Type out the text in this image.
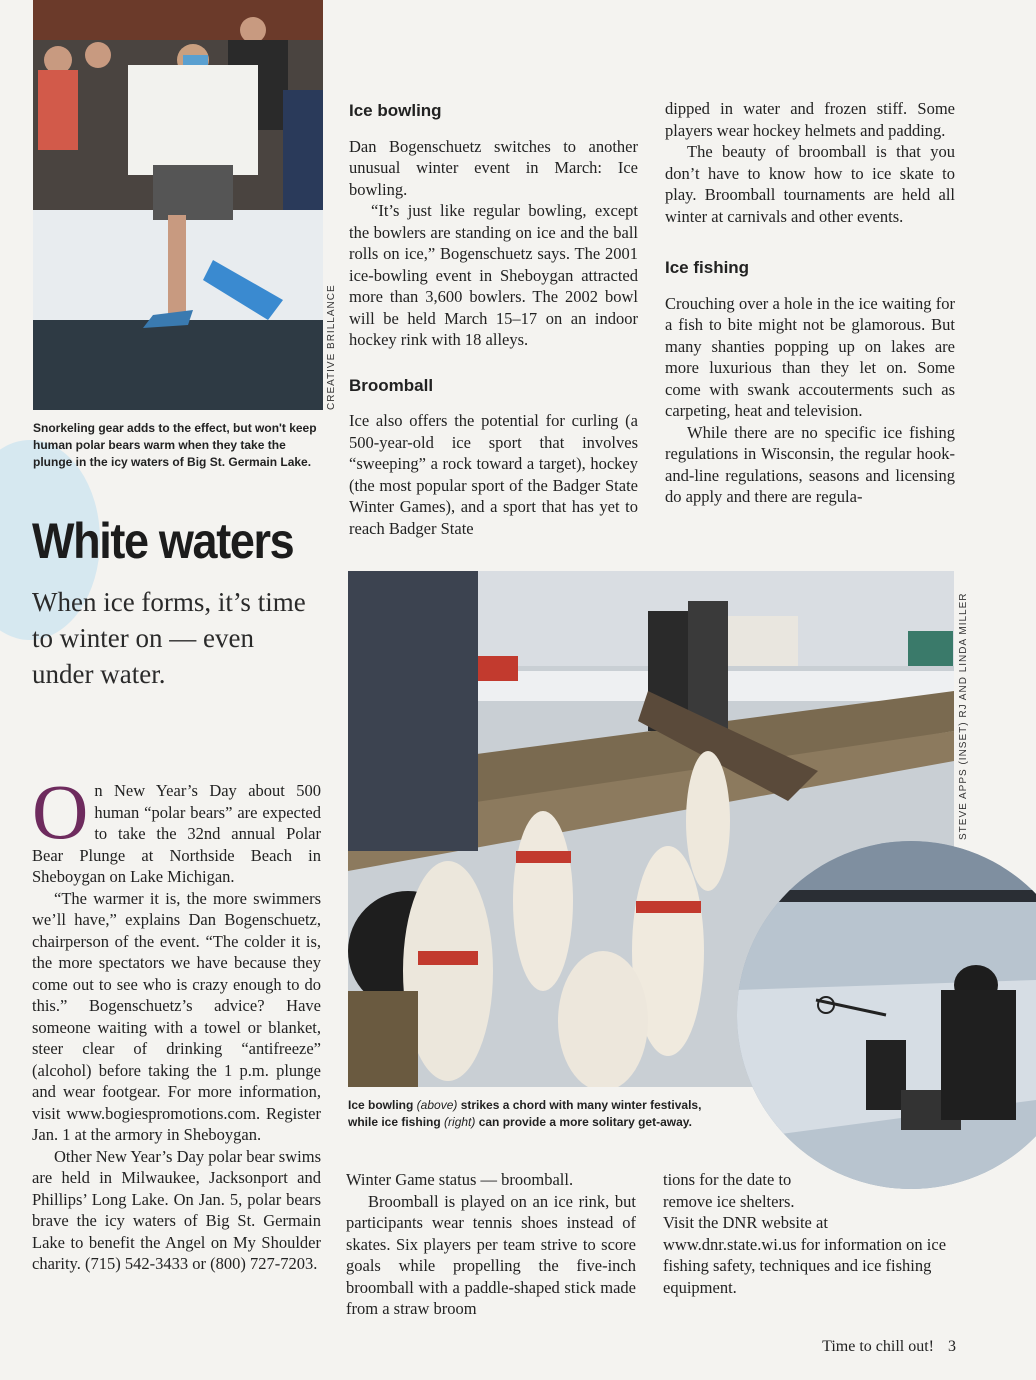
CREATIVE BRILLANCE
Snorkeling gear adds to the effect, but won't keep human polar bears warm when they take the plunge in the icy waters of Big St. Germain Lake.
White waters
When ice forms, it’s time to winter on — even under water.

On New Year’s Day about 500 human “polar bears” are expected to take the 32nd annual Polar Bear Plunge at Northside Beach in Sheboygan on Lake Michigan.

“The warmer it is, the more swimmers we’ll have,” explains Dan Bogenschuetz, chairperson of the event. “The colder it is, the more spectators we have because they come out to see who is crazy enough to do this.” Bogenschuetz’s advice? Have someone waiting with a towel or blanket, steer clear of drinking “antifreeze” (alcohol) before taking the 1 p.m. plunge and wear footgear. For more information, visit www.bogiespromotions.com. Register Jan. 1 at the armory in Sheboygan.

Other New Year’s Day polar bear swims are held in Milwaukee, Jacksonport and Phillips’ Long Lake. On Jan. 5, polar bears brave the icy waters of Big St. Germain Lake to benefit the Angel on My Shoulder charity. (715) 542-3433 or (800) 727-7203.

Ice bowling

Dan Bogenschuetz switches to another unusual winter event in March: Ice bowling.

“It’s just like regular bowling, except the bowlers are standing on ice and the ball rolls on ice,” Bogenschuetz says. The 2001 ice-bowling event in Sheboygan attracted more than 3,600 bowlers. The 2002 bowl will be held March 15–17 on an indoor hockey rink with 18 alleys.

Broomball

Ice also offers the potential for curling (a 500-year-old ice sport that involves “sweeping” a rock toward a target), hockey (the most popular sport of the Badger State Winter Games), and a sport that has yet to reach Badger State

dipped in water and frozen stiff. Some players wear hockey helmets and padding.

The beauty of broomball is that you don’t have to know how to ice skate to play. Broomball tournaments are held all winter at carnivals and other events.

Ice fishing

Crouching over a hole in the ice waiting for a fish to bite might not be glamorous. But many shanties popping up on lakes are more luxurious than they let on. Some come with swank accouterments such as carpeting, heat and television.

While there are no specific ice fishing regulations in Wisconsin, the regular hook-and-line regulations, seasons and licensing do apply and there are regula-

STEVE APPS (INSET) RJ AND LINDA MILLER
Ice bowling (above) strikes a chord with many winter festivals, while ice fishing (right) can provide a more solitary get-away.

Winter Game status — broomball.

Broomball is played on an ice rink, but participants wear tennis shoes instead of skates. Six players per team strive to score goals while propelling the five-inch broomball with a paddle-shaped stick made from a straw broom

tions for the date to remove ice shelters.

Visit the DNR website at www.dnr.state.wi.us for information on ice fishing safety, techniques and ice fishing equipment.

Time to chill out! 3
